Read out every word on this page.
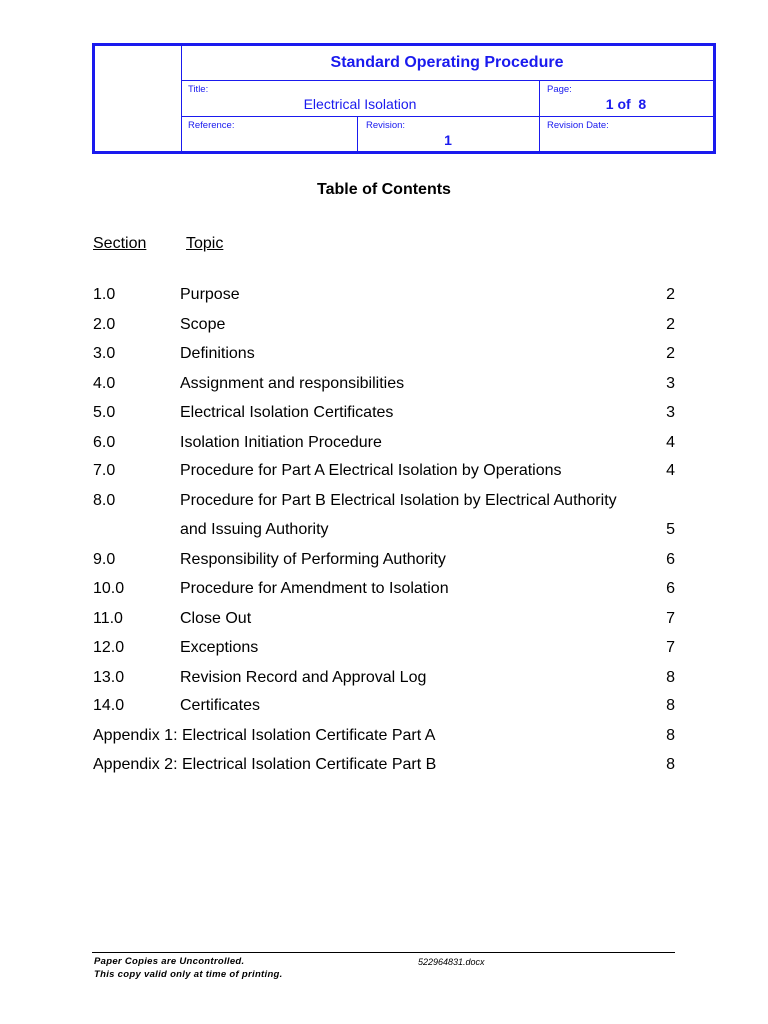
Standard Operating Procedure
Title:
Electrical Isolation
Page:
1 of  8
Reference:	Revision:
1
Revision Date:
Table of Contents
Section Topic
1.0	Purpose	2
2.0	Scope	2
3.0	Definitions	2
4.0	Assignment and responsibilities	3
5.0	Electrical Isolation Certificates	3
6.0	Isolation Initiation Procedure	4
7.0	Procedure for Part A Electrical Isolation by Operations	4
8.0	Procedure for Part B Electrical Isolation by Electrical Authority
and Issuing Authority	5
9.0	Responsibility of Performing Authority	6
10.0	Procedure for Amendment to Isolation	6
11.0	Close Out	7
12.0	Exceptions	7
13.0	Revision Record and Approval Log	8
14.0	Certificates	8
Appendix 1: Electrical Isolation Certificate Part A	8
Appendix 2: Electrical Isolation Certificate Part B	8
Paper Copies are Uncontrolled.
This copy valid only at time of printing.
522964831.docx
